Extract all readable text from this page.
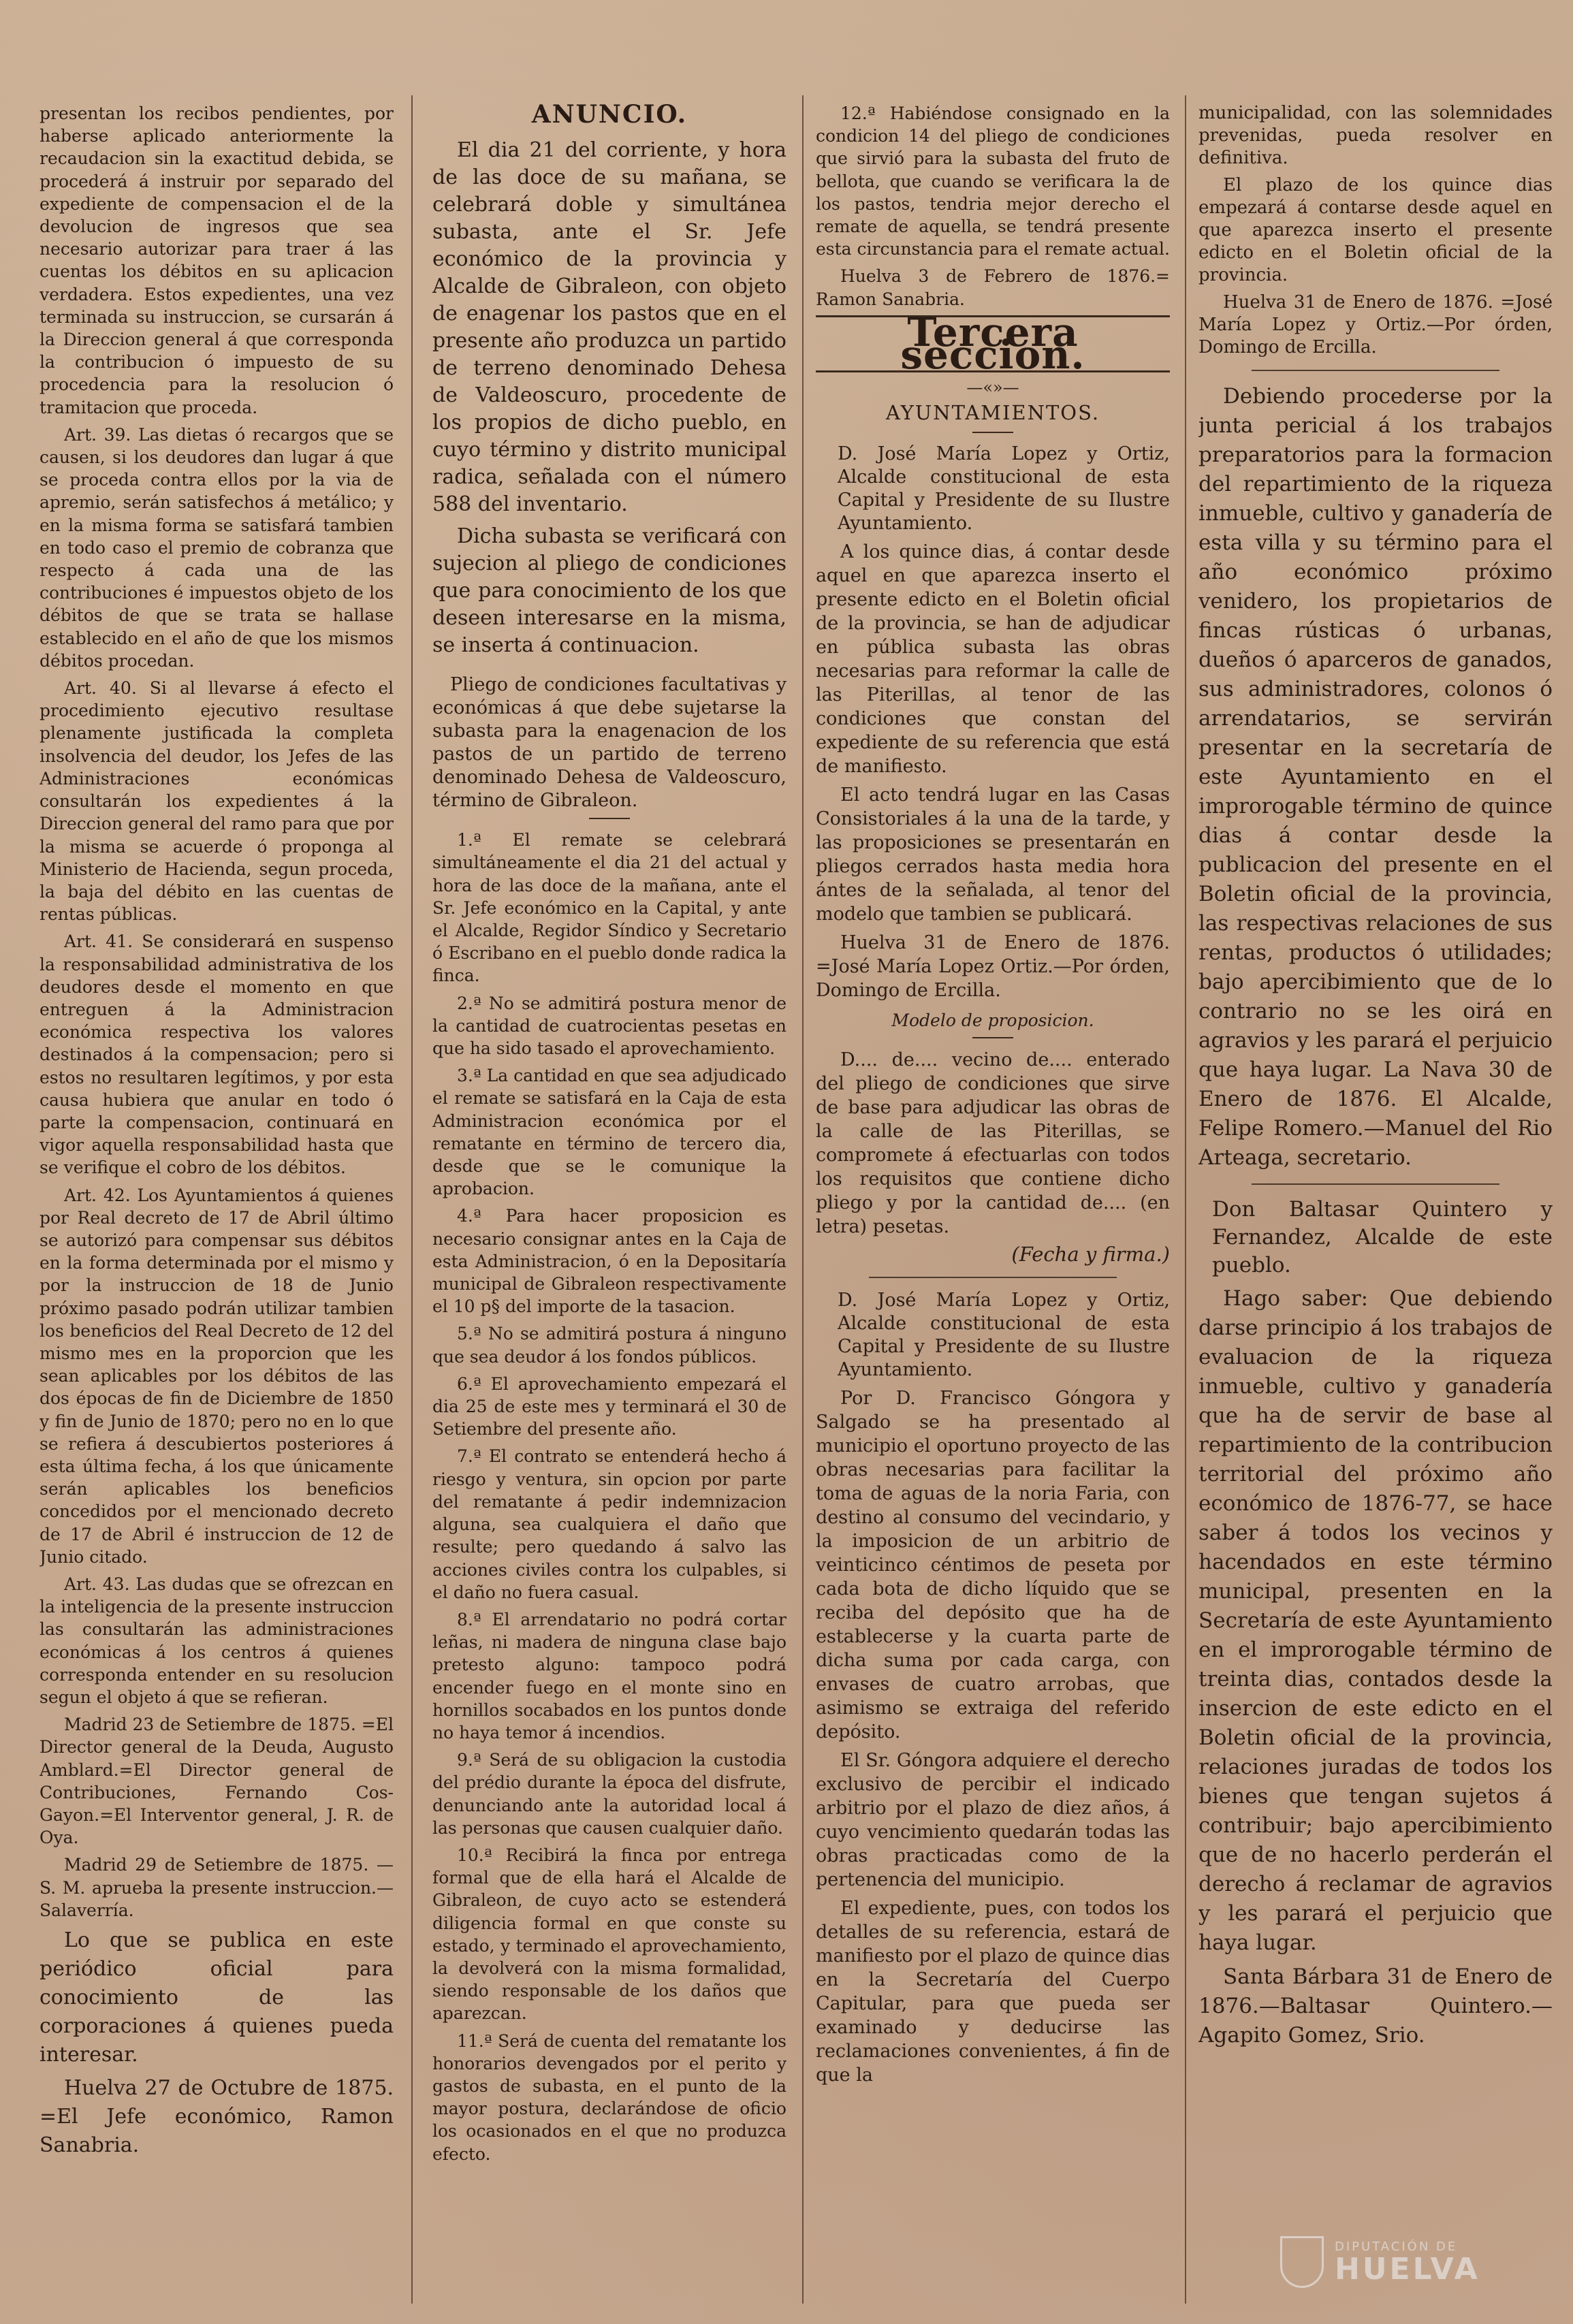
presentan los recibos pendientes, por haberse aplicado anteriormente la recaudacion sin la exactitud debida, se procederá á instruir por separado del expediente de compensacion el de la devolucion de ingresos que sea necesario autorizar para traer á las cuentas los débitos en su aplicacion verdadera. Estos expedientes, una vez terminada su instruccion, se cursarán á la Direccion general á que corresponda la contribucion ó impuesto de su procedencia para la resolucion ó tramitacion que proceda.

Art. 39. Las dietas ó recargos que se causen, si los deudores dan lugar á que se proceda contra ellos por la via de apremio, serán satisfechos á metálico; y en la misma forma se satisfará tambien en todo caso el premio de cobranza que respecto á cada una de las contribuciones é impuestos objeto de los débitos de que se trata se hallase establecido en el año de que los mismos débitos procedan.

Art. 40. Si al llevarse á efecto el procedimiento ejecutivo resultase plenamente justificada la completa insolvencia del deudor, los Jefes de las Administraciones económicas consultarán los expedientes á la Direccion general del ramo para que por la misma se acuerde ó proponga al Ministerio de Hacienda, segun proceda, la baja del débito en las cuentas de rentas públicas.

Art. 41. Se considerará en suspenso la responsabilidad administrativa de los deudores desde el momento en que entreguen á la Administracion económica respectiva los valores destinados á la compensacion; pero si estos no resultaren legítimos, y por esta causa hubiera que anular en todo ó parte la compensacion, continuará en vigor aquella responsabilidad hasta que se verifique el cobro de los débitos.

Art. 42. Los Ayuntamientos á quienes por Real decreto de 17 de Abril último se autorizó para compensar sus débitos en la forma determinada por el mismo y por la instruccion de 18 de Junio próximo pasado podrán utilizar tambien los beneficios del Real Decreto de 12 del mismo mes en la proporcion que les sean aplicables por los débitos de las dos épocas de fin de Diciembre de 1850 y fin de Junio de 1870; pero no en lo que se refiera á descubiertos posteriores á esta última fecha, á los que únicamente serán aplicables los beneficios concedidos por el mencionado decreto de 17 de Abril é instruccion de 12 de Junio citado.

Art. 43. Las dudas que se ofrezcan en la inteligencia de la presente instruccion las consultarán las administraciones económicas á los centros á quienes corresponda entender en su resolucion segun el objeto á que se refieran.

Madrid 23 de Setiembre de 1875. =El Director general de la Deuda, Augusto Amblard.=El Director general de Contribuciones, Fernando Cos-Gayon.=El Interventor general, J. R. de Oya.

Madrid 29 de Setiembre de 1875. —S. M. aprueba la presente instruccion.—Salaverría.

Lo que se publica en este periódico oficial para conocimiento de las corporaciones á quienes pueda interesar.

Huelva 27 de Octubre de 1875. =El Jefe económico, Ramon Sanabria.

ANUNCIO.

El dia 21 del corriente, y hora de las doce de su mañana, se celebrará doble y simultánea subasta, ante el Sr. Jefe económico de la provincia y Alcalde de Gibraleon, con objeto de enagenar los pastos que en el presente año produzca un partido de terreno denominado Dehesa de Valdeoscuro, procedente de los propios de dicho pueblo, en cuyo término y distrito municipal radica, señalada con el número 588 del inventario.

Dicha subasta se verificará con sujecion al pliego de condiciones que para conocimiento de los que deseen interesarse en la misma, se inserta á continuacion.

Pliego de condiciones facultativas y económicas á que debe sujetarse la subasta para la enagenacion de los pastos de un partido de terreno denominado Dehesa de Valdeoscuro, término de Gibraleon.

1.ª El remate se celebrará simultáneamente el dia 21 del actual y hora de las doce de la mañana, ante el Sr. Jefe económico en la Capital, y ante el Alcalde, Regidor Síndico y Secretario ó Escribano en el pueblo donde radica la finca.

2.ª No se admitirá postura menor de la cantidad de cuatrocientas pesetas en que ha sido tasado el aprovechamiento.

3.ª La cantidad en que sea adjudicado el remate se satisfará en la Caja de esta Administracion económica por el rematante en término de tercero dia, desde que se le comunique la aprobacion.

4.ª Para hacer proposicion es necesario consignar antes en la Caja de esta Administracion, ó en la Depositaría municipal de Gibraleon respectivamente el 10 p§ del importe de la tasacion.

5.ª No se admitirá postura á ninguno que sea deudor á los fondos públicos.

6.ª El aprovechamiento empezará el dia 25 de este mes y terminará el 30 de Setiembre del presente año.

7.ª El contrato se entenderá hecho á riesgo y ventura, sin opcion por parte del rematante á pedir indemnizacion alguna, sea cualquiera el daño que resulte; pero quedando á salvo las acciones civiles contra los culpables, si el daño no fuera casual.

8.ª El arrendatario no podrá cortar leñas, ni madera de ninguna clase bajo pretesto alguno: tampoco podrá encender fuego en el monte sino en hornillos socabados en los puntos donde no haya temor á incendios.

9.ª Será de su obligacion la custodia del prédio durante la época del disfrute, denunciando ante la autoridad local á las personas que causen cualquier daño.

10.ª Recibirá la finca por entrega formal que de ella hará el Alcalde de Gibraleon, de cuyo acto se estenderá diligencia formal en que conste su estado, y terminado el aprovechamiento, la devolverá con la misma formalidad, siendo responsable de los daños que aparezcan.

11.ª Será de cuenta del rematante los honorarios devengados por el perito y gastos de subasta, en el punto de la mayor postura, declarándose de oficio los ocasionados en el que no produzca efecto.

12.ª Habiéndose consignado en la condicion 14 del pliego de condiciones que sirvió para la subasta del fruto de bellota, que cuando se verificara la de los pastos, tendria mejor derecho el remate de aquella, se tendrá presente esta circunstancia para el remate actual.

Huelva 3 de Febrero de 1876.= Ramon Sanabria.

Tercera seccion.
—«»—
AYUNTAMIENTOS.

D. José María Lopez y Ortiz, Alcalde constitucional de esta Capital y Presidente de su Ilustre Ayuntamiento.

A los quince dias, á contar desde aquel en que aparezca inserto el presente edicto en el Boletin oficial de la provincia, se han de adjudicar en pública subasta las obras necesarias para reformar la calle de las Piterillas, al tenor de las condiciones que constan del expediente de su referencia que está de manifiesto.

El acto tendrá lugar en las Casas Consistoriales á la una de la tarde, y las proposiciones se presentarán en pliegos cerrados hasta media hora ántes de la señalada, al tenor del modelo que tambien se publicará.

Huelva 31 de Enero de 1876. =José María Lopez Ortiz.—Por órden, Domingo de Ercilla.

Modelo de proposicion.

D.... de.... vecino de.... enterado del pliego de condiciones que sirve de base para adjudicar las obras de la calle de las Piterillas, se compromete á efectuarlas con todos los requisitos que contiene dicho pliego y por la cantidad de.... (en letra) pesetas.

(Fecha y firma.)

D. José María Lopez y Ortiz, Alcalde constitucional de esta Capital y Presidente de su Ilustre Ayuntamiento.

Por D. Francisco Góngora y Salgado se ha presentado al municipio el oportuno proyecto de las obras necesarias para facilitar la toma de aguas de la noria Faria, con destino al consumo del vecindario, y la imposicion de un arbitrio de veinticinco céntimos de peseta por cada bota de dicho líquido que se reciba del depósito que ha de establecerse y la cuarta parte de dicha suma por cada carga, con envases de cuatro arrobas, que asimismo se extraiga del referido depósito.

El Sr. Góngora adquiere el derecho exclusivo de percibir el indicado arbitrio por el plazo de diez años, á cuyo vencimiento quedarán todas las obras practicadas como de la pertenencia del municipio.

El expediente, pues, con todos los detalles de su referencia, estará de manifiesto por el plazo de quince dias en la Secretaría del Cuerpo Capitular, para que pueda ser examinado y deducirse las reclamaciones convenientes, á fin de que la

municipalidad, con las solemnidades prevenidas, pueda resolver en definitiva.

El plazo de los quince dias empezará á contarse desde aquel en que aparezca inserto el presente edicto en el Boletin oficial de la provincia.

Huelva 31 de Enero de 1876. =José María Lopez y Ortiz.—Por órden, Domingo de Ercilla.

Debiendo procederse por la junta pericial á los trabajos preparatorios para la formacion del repartimiento de la riqueza inmueble, cultivo y ganadería de esta villa y su término para el año económico próximo venidero, los propietarios de fincas rústicas ó urbanas, dueños ó aparceros de ganados, sus administradores, colonos ó arrendatarios, se servirán presentar en la secretaría de este Ayuntamiento en el improrogable término de quince dias á contar desde la publicacion del presente en el Boletin oficial de la provincia, las respectivas relaciones de sus rentas, productos ó utilidades; bajo apercibimiento que de lo contrario no se les oirá en agravios y les parará el perjuicio que haya lugar. La Nava 30 de Enero de 1876. El Alcalde, Felipe Romero.—Manuel del Rio Arteaga, secretario.

Don Baltasar Quintero y Fernandez, Alcalde de este pueblo.

Hago saber: Que debiendo darse principio á los trabajos de evaluacion de la riqueza inmueble, cultivo y ganadería que ha de servir de base al repartimiento de la contribucion territorial del próximo año económico de 1876-77, se hace saber á todos los vecinos y hacendados en este término municipal, presenten en la Secretaría de este Ayuntamiento en el improrogable término de treinta dias, contados desde la insercion de este edicto en el Boletin oficial de la provincia, relaciones juradas de todos los bienes que tengan sujetos á contribuir; bajo apercibimiento que de no hacerlo perderán el derecho á reclamar de agravios y les parará el perjuicio que haya lugar.

Santa Bárbara 31 de Enero de 1876.—Baltasar Quintero.—Agapito Gomez, Srio.

DIPUTACIÓN DE
HUELVA
